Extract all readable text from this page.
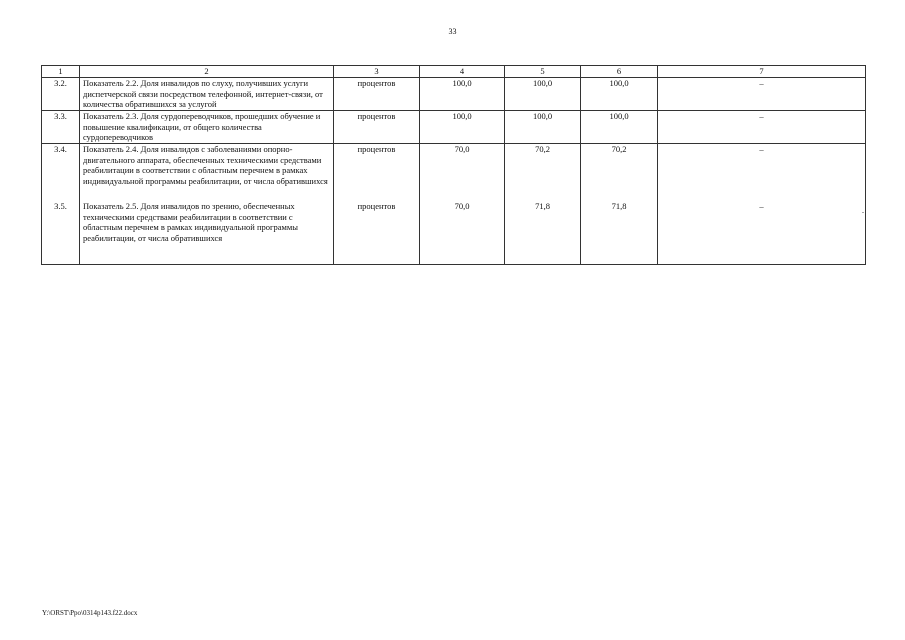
33
1	2	3	4	5	6	7
3.2.	Показатель 2.2. Доля инвалидов по слуху, получивших услуги диспетчерской связи посредством телефонной, интернет-связи, от количества обратившихся за услугой	процентов	100,0	100,0	100,0	–
3.3.	Показатель 2.3. Доля сурдопереводчиков, прошедших обучение и повышение квалификации, от общего количества сурдопереводчиков	процентов	100,0	100,0	100,0	–
3.4.	Показатель 2.4. Доля инвалидов с заболеваниями опорно-двигательного аппарата, обеспеченных техническими средствами реабилитации в соответствии с областным перечнем в рамках индивидуальной программы реабилитации, от числа обратившихся	процентов	70,0	70,2	70,2	–
3.5.	Показатель 2.5. Доля инвалидов по зрению, обеспеченных техническими средствами реабилитации в соответствии с областным перечнем в рамках индивидуальной программы реабилитации, от числа обратившихся	процентов	70,0	71,8	71,8	–	.
Y:\ORST\Ppo\0314p143.f22.docx
